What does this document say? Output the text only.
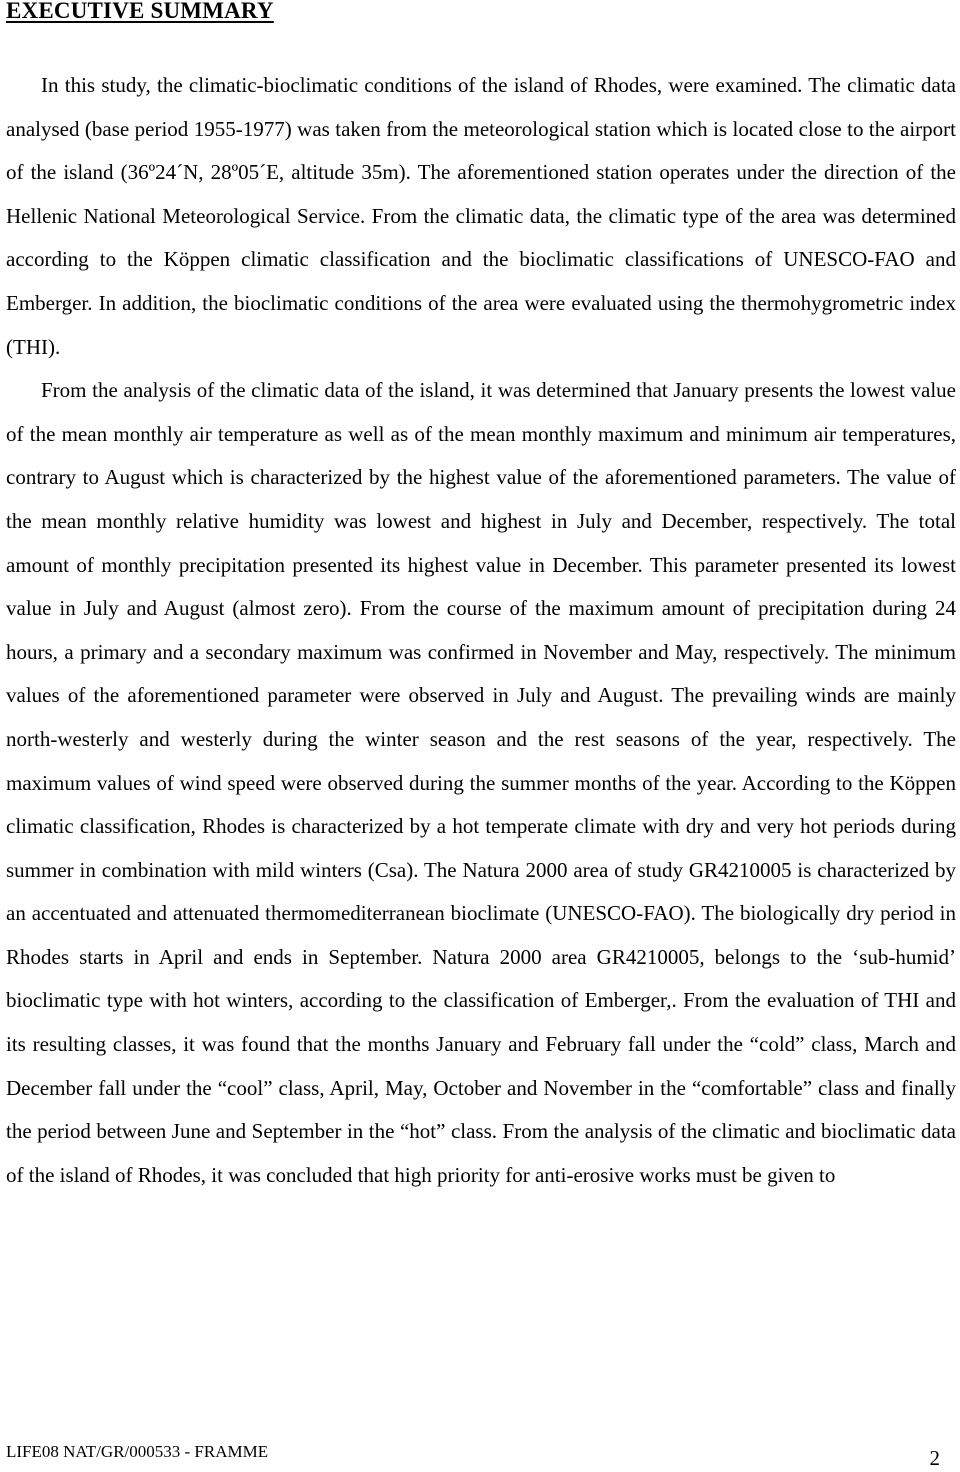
EXECUTIVE SUMMARY

In this study, the climatic-bioclimatic conditions of the island of Rhodes, were examined. The climatic data analysed (base period 1955-1977) was taken from the meteorological station which is located close to the airport of the island (36º24´N, 28º05´E, altitude 35m). The aforementioned station operates under the direction of the Hellenic National Meteorological Service. From the climatic data, the climatic type of the area was determined according to the Köppen climatic classification and the bioclimatic classifications of UNESCO-FAO and Emberger. In addition, the bioclimatic conditions of the area were evaluated using the thermohygrometric index (THI).

From the analysis of the climatic data of the island, it was determined that January presents the lowest value of the mean monthly air temperature as well as of the mean monthly maximum and minimum air temperatures, contrary to August which is characterized by the highest value of the aforementioned parameters. The value of the mean monthly relative humidity was lowest and highest in July and December, respectively. The total amount of monthly precipitation presented its highest value in December. This parameter presented its lowest value in July and August (almost zero). From the course of the maximum amount of precipitation during 24 hours, a primary and a secondary maximum was confirmed in November and May, respectively. The minimum values of the aforementioned parameter were observed in July and August. The prevailing winds are mainly north-westerly and westerly during the winter season and the rest seasons of the year, respectively. The maximum values of wind speed were observed during the summer months of the year. According to the Köppen climatic classification, Rhodes is characterized by a hot temperate climate with dry and very hot periods during summer in combination with mild winters (Csa). The Natura 2000 area of study GR4210005 is characterized by an accentuated and attenuated thermomediterranean bioclimate (UNESCO-FAO). The biologically dry period in Rhodes starts in April and ends in September. Natura 2000 area GR4210005, belongs to the ‘sub-humid’ bioclimatic type with hot winters, according to the classification of Emberger,. From the evaluation of THI and its resulting classes, it was found that the months January and February fall under the “cold” class, March and December fall under the “cool” class, April, May, October and November in the “comfortable” class and finally the period between June and September in the “hot” class. From the analysis of the climatic and bioclimatic data of the island of Rhodes, it was concluded that high priority for anti-erosive works must be given to

LIFE08 NAT/GR/000533 - FRAMME	2
